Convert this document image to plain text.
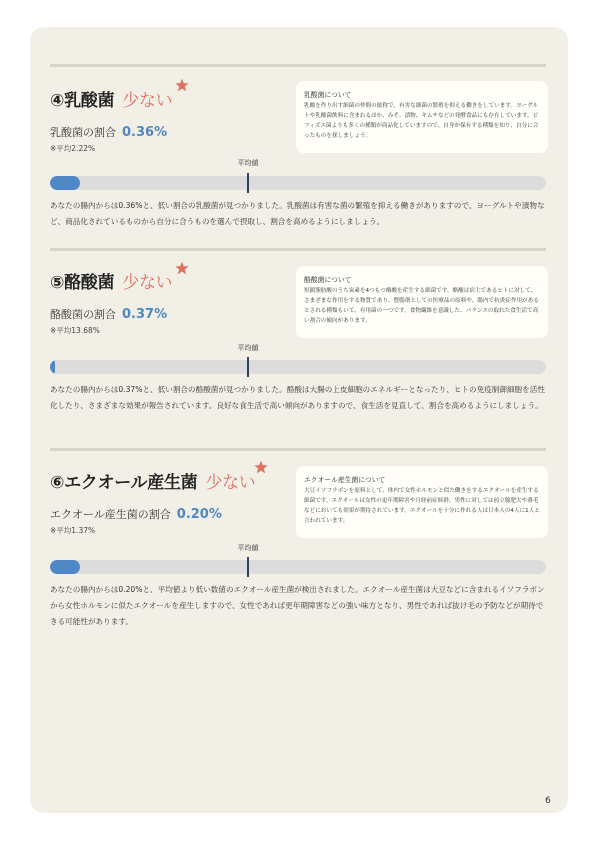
④乳酸菌 少ない
乳酸菌の割合 0.36%
※平均2.22%
乳酸菌について
乳酸を作り出す細菌の仲間の総称で、有害な細菌の繁殖を抑える働きをしています。ヨーグルトや乳酸菌飲料に含まれるほか、みそ、漬物、キムチなどの発酵食品にも存在しています。ビフィズス菌よりも多くの種類が商品化していますので、自身が保有する種類を知り、自分に合ったものを探しましょう。
平均値
あなたの腸内からは0.36%と、低い割合の乳酸菌が見つかりました。乳酸菌は有害な菌の繁殖を抑える働きがありますので、ヨーグルトや漬物など、商品化されているものから自分に合うものを選んで摂取し、割合を高めるようにしましょう。
⑤酪酸菌 少ない
酪酸菌の割合 0.37%
※平均13.68%
酪酸菌について
短鎖脂肪酸のうち炭素を4つもつ酪酸を産生する細菌です。酪酸は宿主であるヒトに対して、さまざまな作用をする物質であり、整腸剤としての医療品の原料や、腸内で抗炎症作用があるとされる種類もいて、有用菌の一つです。食物繊維を意識した、バランスの取れた食生活で高い割合の傾向があります。
平均値
あなたの腸内からは0.37%と、低い割合の酪酸菌が見つかりました。酪酸は大腸の上皮細胞のエネルギーとなったり、ヒトの免疫制御細胞を活性化したり、さまざまな効果が報告されています。良好な食生活で高い傾向がありますので、食生活を見直して、割合を高めるようにしましょう。
⑥エクオール産生菌 少ない
エクオール産生菌の割合 0.20%
※平均1.37%
エクオール産生菌について
大豆イソフラボンを原料として、体内で女性ホルモンと似た働きをするエクオールを産生する細菌です。エクオールは女性の更年期障害や月経前症候群、男性に対しては前立腺肥大や薄毛などにおいても効果が期待されています。エクオールを十分に作れる人は日本人の4人に1人と言われています。
平均値
あなたの腸内からは0.20%と、平均値より低い数値のエクオール産生菌が検出されました。エクオール産生菌は大豆などに含まれるイソフラボンから女性ホルモンに似たエクオールを産生しますので、女性であれば更年期障害などの強い味方となり、男性であれば抜け毛の予防などが期待できる可能性があります。
6
